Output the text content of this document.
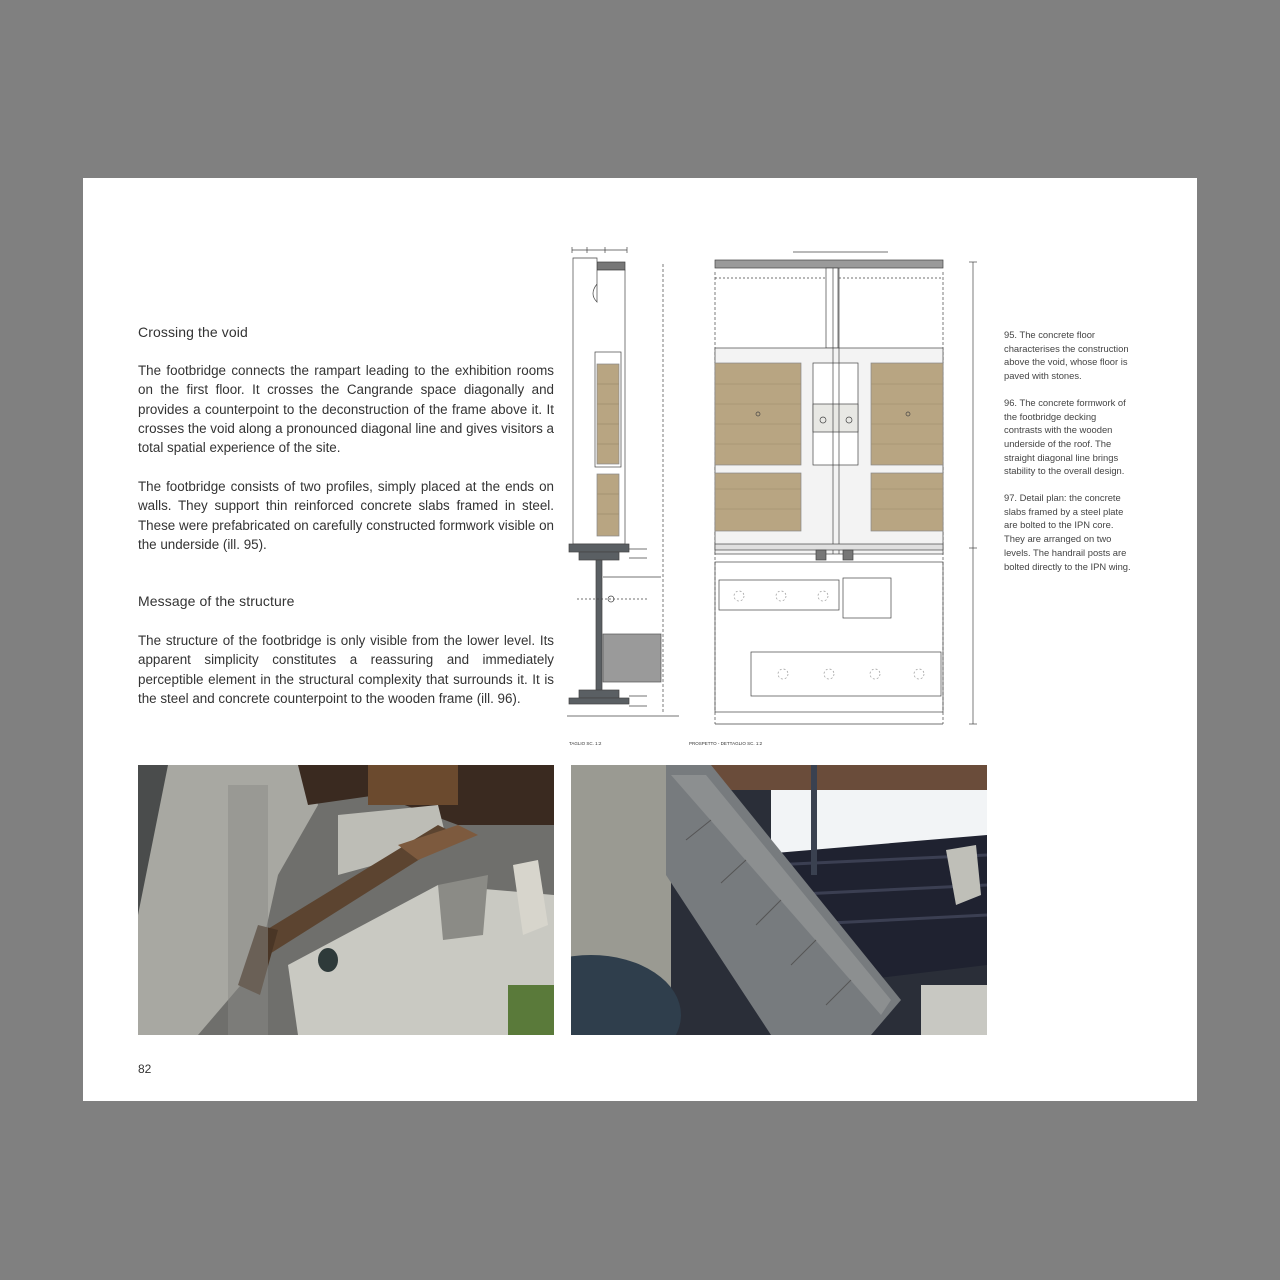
Crossing the void

The footbridge connects the rampart leading to the exhibition rooms on the first floor. It crosses the Cangrande space diagonally and provides a counterpoint to the deconstruction of the frame above it. It crosses the void along a pronounced diagonal line and gives visitors a total spatial experience of the site.

The footbridge consists of two profiles, simply placed at the ends on walls. They support thin reinforced concrete slabs framed in steel. These were prefabricated on carefully constructed formwork visible on the underside (ill. 95).

Message of the structure

The structure of the footbridge is only visible from the lower level. Its apparent simplicity constitutes a reassuring and immediately perceptible element in the structural complexity that surrounds it. It is the steel and concrete counterpoint to the wooden frame (ill. 96).

TAGLIO SC. 1:2	PROSPETTO - DETTAGLIO SC. 1:2

95. The concrete floor characterises the construction above the void, whose floor is paved with stones.

96. The concrete formwork of the footbridge decking contrasts with the wooden underside of the roof. The straight diagonal line brings stability to the overall design.

97. Detail plan: the concrete slabs framed by a steel plate are bolted to the IPN core. They are arranged on two levels. The handrail posts are bolted directly to the IPN wing.

82
